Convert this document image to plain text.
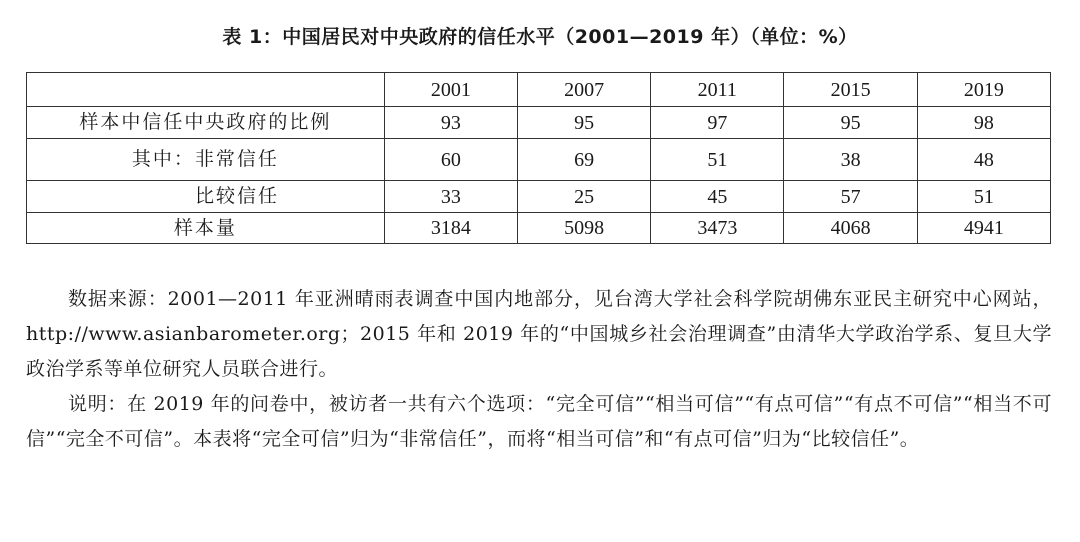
表 1：中国居民对中央政府的信任水平（2001—2019 年）（单位：%）
	2001	2007	2011	2015	2019
样本中信任中央政府的比例	93	95	97	95	98
其中：非常信任	60	69	51	38	48
比较信任	33	25	45	57	51
样本量	3184	5098	3473	4068	4941

数据来源：2001—2011 年亚洲晴雨表调查中国内地部分，见台湾大学社会科学院胡佛东亚民主研究中心网站，http://www.asianbarometer.org；2015 年和 2019 年的“中国城乡社会治理调查”由清华大学政治学系、复旦大学政治学系等单位研究人员联合进行。

说明：在 2019 年的问卷中，被访者一共有六个选项：“完全可信”“相当可信”“有点可信”“有点不可信”“相当不可信”“完全不可信”。本表将“完全可信”归为“非常信任”，而将“相当可信”和“有点可信”归为“比较信任”。
